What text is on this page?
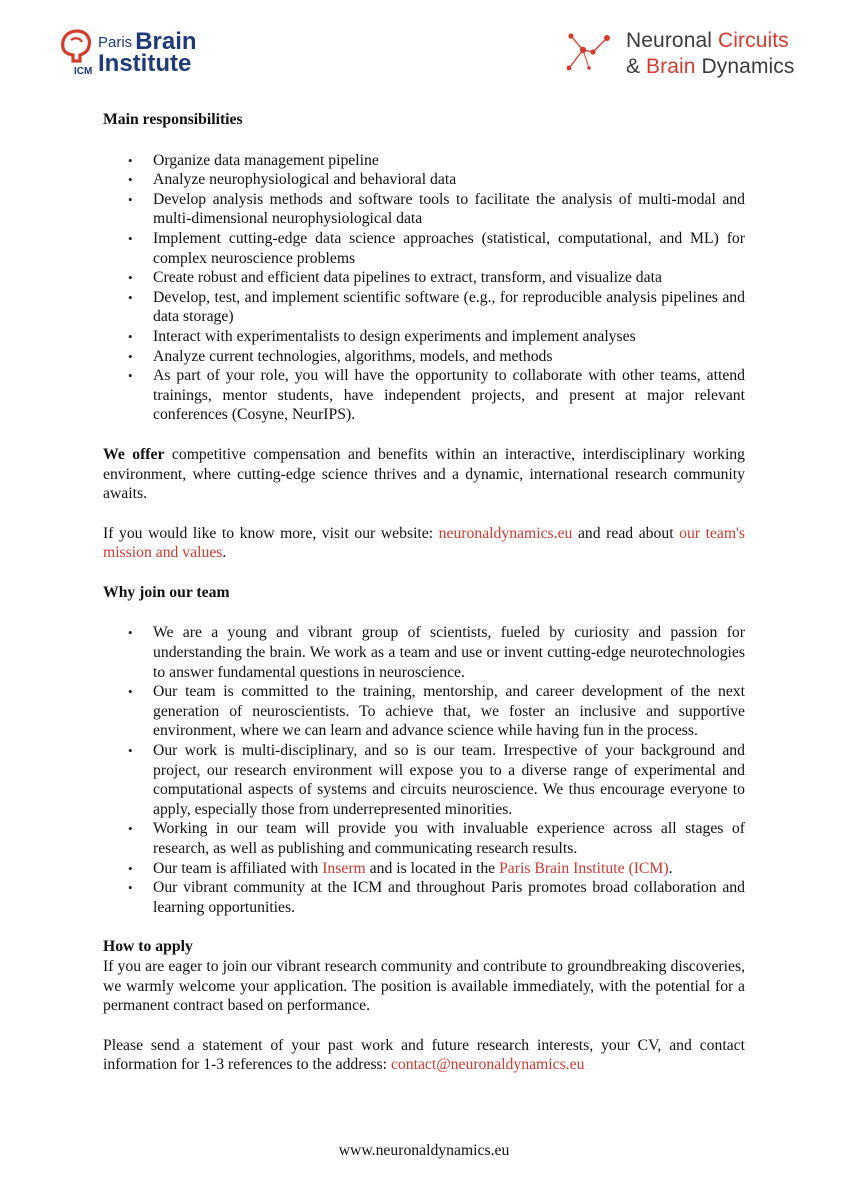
ICM
Paris Brain
Institute
Neuronal Circuits
& Brain Dynamics

Main responsibilities

• Organize data management pipeline
• Analyze neurophysiological and behavioral data
• Develop analysis methods and software tools to facilitate the analysis of multi-modal and multi-dimensional neurophysiological data
• Implement cutting-edge data science approaches (statistical, computational, and ML) for complex neuroscience problems
• Create robust and efficient data pipelines to extract, transform, and visualize data
• Develop, test, and implement scientific software (e.g., for reproducible analysis pipelines and data storage)
• Interact with experimentalists to design experiments and implement analyses
• Analyze current technologies, algorithms, models, and methods
• As part of your role, you will have the opportunity to collaborate with other teams, attend trainings, mentor students, have independent projects, and present at major relevant conferences (Cosyne, NeurIPS).

We offer competitive compensation and benefits within an interactive, interdisciplinary working environment, where cutting-edge science thrives and a dynamic, international research community awaits.

If you would like to know more, visit our website: neuronaldynamics.eu and read about our team's mission and values.

Why join our team

• We are a young and vibrant group of scientists, fueled by curiosity and passion for understanding the brain. We work as a team and use or invent cutting-edge neurotechnologies to answer fundamental questions in neuroscience.
• Our team is committed to the training, mentorship, and career development of the next generation of neuroscientists. To achieve that, we foster an inclusive and supportive environment, where we can learn and advance science while having fun in the process.
• Our work is multi-disciplinary, and so is our team. Irrespective of your background and project, our research environment will expose you to a diverse range of experimental and computational aspects of systems and circuits neuroscience. We thus encourage everyone to apply, especially those from underrepresented minorities.
• Working in our team will provide you with invaluable experience across all stages of research, as well as publishing and communicating research results.
• Our team is affiliated with Inserm and is located in the Paris Brain Institute (ICM).
• Our vibrant community at the ICM and throughout Paris promotes broad collaboration and learning opportunities.

How to apply

If you are eager to join our vibrant research community and contribute to groundbreaking discoveries, we warmly welcome your application. The position is available immediately, with the potential for a permanent contract based on performance.

Please send a statement of your past work and future research interests, your CV, and contact information for 1-3 references to the address: contact@neuronaldynamics.eu

www.neuronaldynamics.eu
